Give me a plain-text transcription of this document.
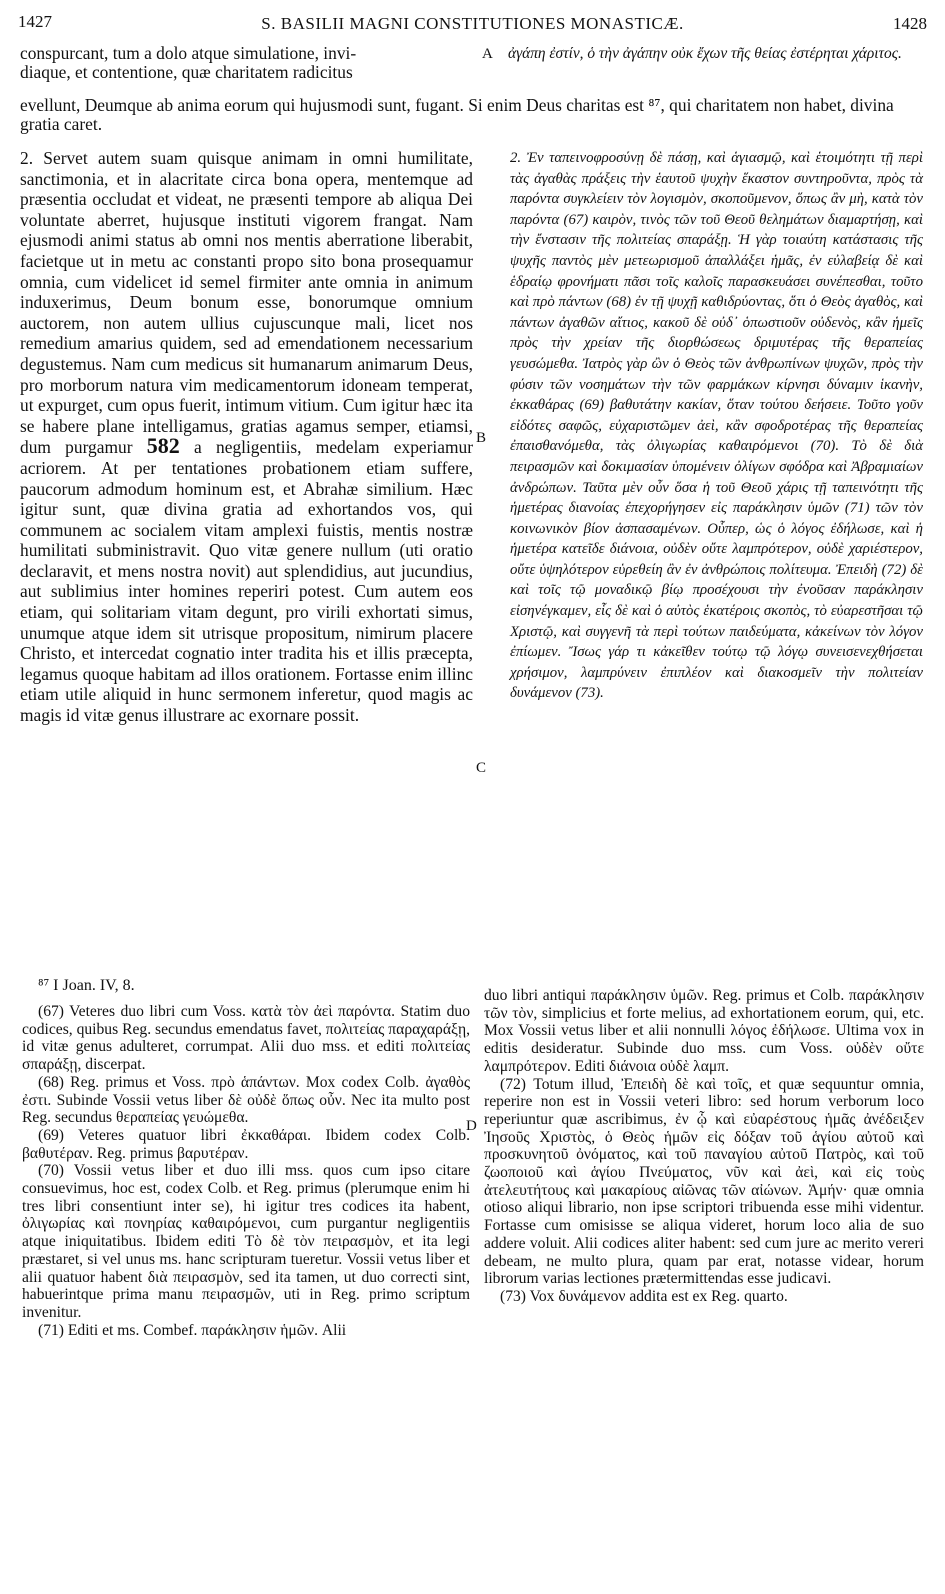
1427	S. BASILII MAGNI CONSTITUTIONES MONASTICÆ.	1428
conspurcant, tum a dolo atque simulatione, invi-
diaque, et contentione, quæ charitatem radicitus
A ἀγάπη ἐστίν, ὁ τὴν ἀγάπην οὐκ ἔχων τῆς θείας ἐστέρηται χάριτος.
evellunt, Deumque ab anima eorum qui hujusmodi sunt, fugant. Si enim Deus charitas est ⁸⁷, qui charitatem non habet, divina gratia caret.
2. Servet autem suam quisque animam in omni humilitate, sanctimonia, et in alacritate circa bona opera, mentemque ad præsentia occludat et videat, ne præsenti tempore ab aliqua Dei voluntate aberret, hujusque instituti vigorem frangat. Nam ejusmodi animi status ab omni nos mentis aberratione liberabit, facietque ut in metu ac constanti propo sito bona prosequamur omnia, cum videlicet id semel firmiter ante omnia in animum induxerimus, Deum bonum esse, bonorumque omnium auctorem, non autem ullius cujuscunque mali, licet nos remedium amarius quidem, sed ad emendationem necessarium degustemus. Nam cum medicus sit humanarum animarum Deus, pro morborum natura vim medicamentorum idoneam temperat, ut expurget, cum opus fuerit, intimum vitium. Cum igitur hæc ita se habere plane intelligamus, gratias agamus semper, etiamsi, dum purgamur 582 a negligentiis, medelam experiamur acriorem. At per tentationes probationem etiam suffere, paucorum admodum hominum est, et Abrahæ similium. Hæc igitur sunt, quæ divina gratia ad exhortandos vos, qui communem ac socialem vitam amplexi fuistis, mentis nostræ humilitati subministravit. Quo vitæ genere nullum (uti oratio declaravit, et mens nostra novit) aut splendidius, aut jucundius, aut sublimius inter homines reperiri potest. Cum autem eos etiam, qui solitariam vitam degunt, pro virili exhortati simus, unumque atque idem sit utrisque propositum, nimirum placere Christo, et intercedat cognatio inter tradita his et illis præcepta, legamus quoque habitam ad illos orationem. Fortasse enim illinc etiam utile aliquid in hunc sermonem inferetur, quod magis ac magis id vitæ genus illustrare ac exornare possit.
B
C
D
2. Ἐν ταπεινοφροσύνῃ δὲ πάσῃ, καὶ ἁγιασμῷ, καὶ ἑτοιμότητι τῇ περὶ τὰς ἀγαθὰς πράξεις τὴν ἑαυτοῦ ψυχὴν ἕκαστον συντηροῦντα, πρὸς τὰ παρόντα συγκλείειν τὸν λογισμὸν, σκοποῦμενον, ὅπως ἂν μὴ, κατὰ τὸν παρόντα (67) καιρὸν, τινὸς τῶν τοῦ Θεοῦ θελημάτων διαμαρτήσῃ, καὶ τὴν ἔνστασιν τῆς πολιτείας σπαράξῃ. Ἡ γὰρ τοιαύτη κατάστασις τῆς ψυχῆς παντὸς μὲν μετεωρισμοῦ ἀπαλλάξει ἡμᾶς, ἐν εὐλαβείᾳ δὲ καὶ ἑδραίῳ φρονήματι πᾶσι τοῖς καλοῖς παρασκευάσει συνέπεσθαι, τοῦτο καὶ πρὸ πάντων (68) ἐν τῇ ψυχῇ καθιδρύοντας, ὅτι ὁ Θεὸς ἀγαθὸς, καὶ πάντων ἀγαθῶν αἴτιος, κακοῦ δὲ οὐδ᾽ ὁπωστιοῦν οὐδενὸς, κἂν ἡμεῖς πρὸς τὴν χρείαν τῆς διορθώσεως δριμυτέρας τῆς θεραπείας γευσώμεθα. Ἰατρὸς γὰρ ὢν ὁ Θεὸς τῶν ἀνθρωπίνων ψυχῶν, πρὸς τὴν φύσιν τῶν νοσημάτων τὴν τῶν φαρμάκων κίρνησι δύναμιν ἱκανὴν, ἐκκαθάρας (69) βαθυτάτην κακίαν, ὅταν τούτου δεήσειε. Τοῦτο γοῦν εἰδότες σαφῶς, εὐχαριστῶμεν ἀεὶ, κἂν σφοδροτέρας τῆς θεραπείας ἐπαισθανόμεθα, τὰς ὀλιγωρίας καθαιρόμενοι (70). Τὸ δὲ διὰ πειρασμῶν καὶ δοκιμασίαν ὑπομένειν ὀλίγων σφόδρα καὶ Ἀβραμιαίων ἀνδρώπων. Ταῦτα μὲν οὖν ὅσα ἡ τοῦ Θεοῦ χάρις τῇ ταπεινότητι τῆς ἡμετέρας διανοίας ἐπεχορήγησεν εἰς παράκλησιν ὑμῶν (71) τῶν τὸν κοινωνικὸν βίον ἀσπασαμένων. Οὗπερ, ὡς ὁ λόγος ἐδήλωσε, καὶ ἡ ἡμετέρα κατεῖδε διάνοια, οὐδὲν οὔτε λαμπρότερον, οὐδὲ χαριέστερον, οὔτε ὑψηλότερον εὑρεθείη ἂν ἐν ἀνθρώποις πολίτευμα. Ἐπειδὴ (72) δὲ καὶ τοῖς τῷ μοναδικῷ βίῳ προσέχουσι τὴν ἐνοῦσαν παράκλησιν εἰσηνέγκαμεν, εἷς δὲ καὶ ὁ αὐτὸς ἑκατέροις σκοπὸς, τὸ εὐαρεστῆσαι τῷ Χριστῷ, καὶ συγγενῆ τὰ περὶ τούτων παιδεύματα, κἀκείνων τὸν λόγον ἐπίωμεν. Ἴσως γάρ τι κἀκεῖθεν τούτῳ τῷ λόγῳ συνεισενεχθήσεται χρήσιμον, λαμπρύνειν ἐπιπλέον καὶ διακοσμεῖν τὴν πολιτείαν δυνάμενον (73).
⁸⁷ I Joan. IV, 8.

(67) Veteres duo libri cum Voss. κατὰ τὸν ἀεὶ παρόντα. Statim duo codices, quibus Reg. secundus emendatus favet, πολιτείας παραχαράξῃ, id vitæ genus adulteret, corrumpat. Alii duo mss. et editi πολιτείας σπαράξῃ, discerpat.

(68) Reg. primus et Voss. πρὸ ἁπάντων. Mox codex Colb. ἀγαθὸς ἐστι. Subinde Vossii vetus liber δὲ οὐδὲ ὅπως οὖν. Nec ita multo post Reg. secundus θεραπείας γευώμεθα.

(69) Veteres quatuor libri ἐκκαθάραι. Ibidem codex Colb. βαθυτέραν. Reg. primus βαρυτέραν.

(70) Vossii vetus liber et duo illi mss. quos cum ipso citare consuevimus, hoc est, codex Colb. et Reg. primus (plerumque enim hi tres libri consentiunt inter se), hi igitur tres codices ita habent, ὀλιγωρίας καὶ πονηρίας καθαιρόμενοι, cum purgantur negligentiis atque iniquitatibus. Ibidem editi Τὸ δὲ τὸν πειρασμὸν, et ita legi præstaret, si vel unus ms. hanc scripturam tueretur. Vossii vetus liber et alii quatuor habent διὰ πειρασμὸν, sed ita tamen, ut duo correcti sint, habuerintque prima manu πειρασμῶν, uti in Reg. primo scriptum invenitur.

(71) Editi et ms. Combef. παράκλησιν ἡμῶν. Alii

duo libri antiqui παράκλησιν ὑμῶν. Reg. primus et Colb. παράκλησιν τῶν τὸν, simplicius et forte melius, ad exhortationem eorum, qui, etc. Mox Vossii vetus liber et alii nonnulli λόγος ἐδήλωσε. Ultima vox in editis desideratur. Subinde duo mss. cum Voss. οὐδὲν οὔτε λαμπρότερον. Editi διάνοια οὐδὲ λαμπ.

(72) Totum illud, Ἐπειδὴ δὲ καὶ τοῖς, et quæ sequuntur omnia, reperire non est in Vossii veteri libro: sed horum verborum loco reperiuntur quæ ascribimus, ἐν ᾧ καὶ εὐαρέστους ἡμᾶς ἀνέδειξεν Ἰησοῦς Χριστὸς, ὁ Θεὸς ἡμῶν εἰς δόξαν τοῦ ἁγίου αὐτοῦ καὶ προσκυνητοῦ ὀνόματος, καὶ τοῦ παναγίου αὐτοῦ Πατρὸς, καὶ τοῦ ζωοποιοῦ καὶ ἁγίου Πνεύματος, νῦν καὶ ἀεὶ, καὶ εἰς τοὺς ἀτελευτήτους καὶ μακαρίους αἰῶνας τῶν αἰώνων. Ἀμήν· quæ omnia otioso aliqui librario, non ipse scriptori tribuenda esse mihi videntur. Fortasse cum omisisse se aliqua videret, horum loco alia de suo addere voluit. Alii codices aliter habent: sed cum jure ac merito vereri debeam, ne multo plura, quam par erat, notasse videar, horum librorum varias lectiones prætermittendas esse judicavi.

(73) Vox δυνάμενον addita est ex Reg. quarto.
